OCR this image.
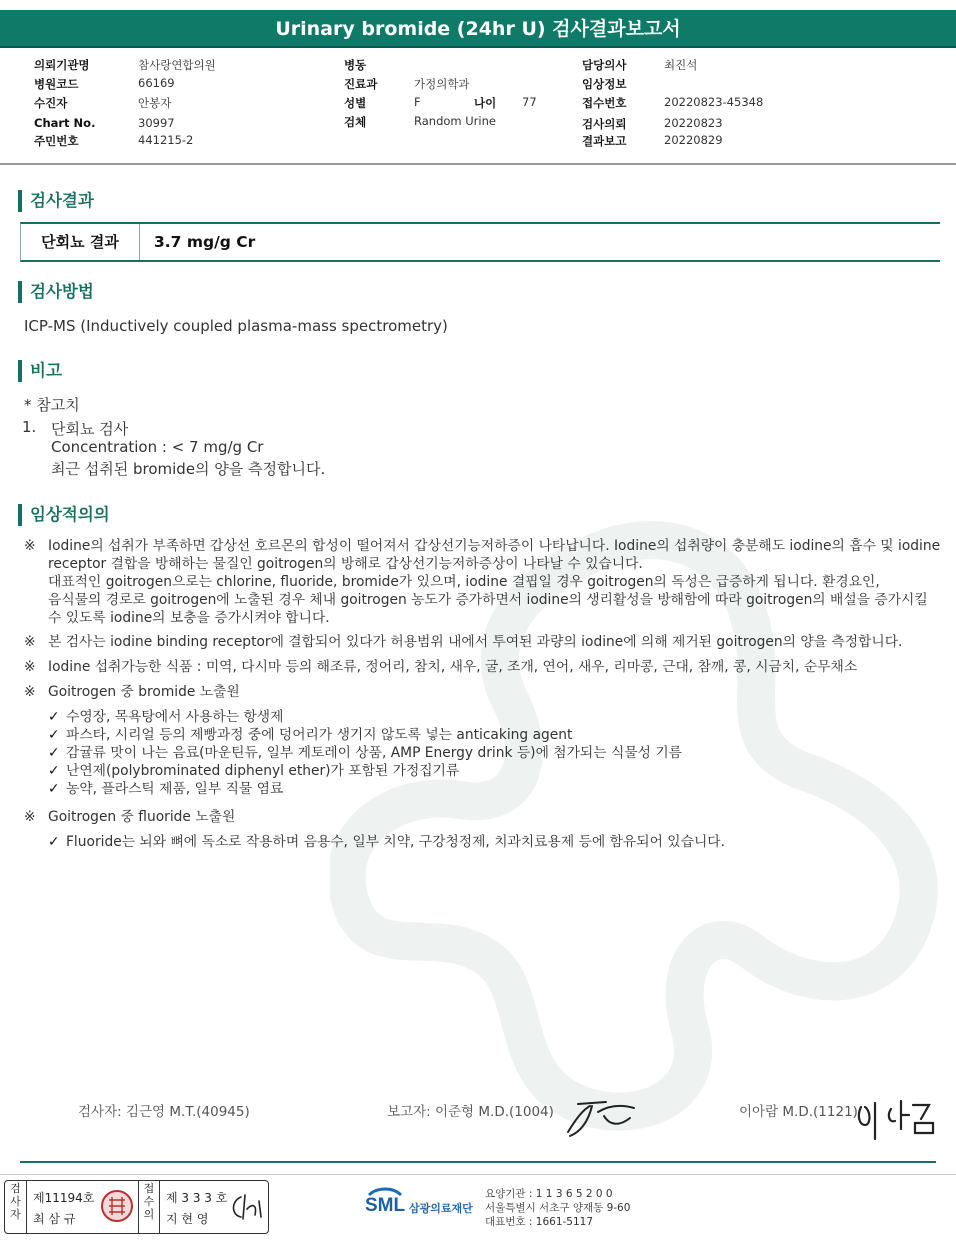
Urinary bromide (24hr U) 검사결과보고서
의뢰기관명	참사랑연합의원
병원코드	66169
수진자	안봉자
Chart No.	30997
주민번호	441215-2
병동
진료과	가정의학과
성별	F	나이 77
검체	Random Urine
담당의사	최진석
임상정보
접수번호	20220823-45348
검사의뢰	20220823
결과보고	20220829
검사결과
단회뇨 결과	3.7 mg/g Cr
검사방법
ICP-MS (Inductively coupled plasma-mass spectrometry)
비고
* 참고치
1. 단회뇨 검사
Concentration : < 7 mg/g Cr
최근 섭취된 bromide의 양을 측정합니다.
임상적의의
※ Iodine의 섭취가 부족하면 갑상선 호르몬의 합성이 떨어져서 갑상선기능저하증이 나타납니다. Iodine의 섭취량이 충분해도 iodine의 흡수 및 iodine
receptor 결합을 방해하는 물질인 goitrogen의 방해로 갑상선기능저하증상이 나타날 수 있습니다.
대표적인 goitrogen으로는 chlorine, fluoride, bromide가 있으며, iodine 결핍일 경우 goitrogen의 독성은 급증하게 됩니다. 환경요인,
음식물의 경로로 goitrogen에 노출된 경우 체내 goitrogen 농도가 증가하면서 iodine의 생리활성을 방해함에 따라 goitrogen의 배설을 증가시킬
수 있도록 iodine의 보충을 증가시켜야 합니다.
※ 본 검사는 iodine binding receptor에 결합되어 있다가 허용범위 내에서 투여된 과량의 iodine에 의해 제거된 goitrogen의 양을 측정합니다.
※ Iodine 섭취가능한 식품 : 미역, 다시마 등의 해조류, 정어리, 참치, 새우, 굴, 조개, 연어, 새우, 리마콩, 근대, 참깨, 콩, 시금치, 순무채소
※ Goitrogen 중 bromide 노출원
✓ 수영장, 목욕탕에서 사용하는 항생제
✓ 파스타, 시리얼 등의 제빵과정 중에 덩어리가 생기지 않도록 넣는 anticaking agent
✓ 감귤류 맛이 나는 음료(마운틴듀, 일부 게토레이 상품, AMP Energy drink 등)에 첨가되는 식물성 기름
✓ 난연제(polybrominated diphenyl ether)가 포함된 가정집기류
✓ 농약, 플라스틱 제품, 일부 직물 염료
※ Goitrogen 중 fluoride 노출원
✓ Fluoride는 뇌와 뼈에 독소로 작용하며 음용수, 일부 치약, 구강청정제, 치과치료용제 등에 함유되어 있습니다.
검사자: 김근영 M.T.(40945)	보고자: 이준형 M.D.(1004)	이아람 M.D.(1121)
검사자
제11194호
최 삼 규
접수의
제 3 3 3 호
지 현 영
SML 삼광의료재단
요양기관 : 1 1 3 6 5 2 0 0
서울특별시 서초구 양재동 9-60
대표번호 : 1661-5117
